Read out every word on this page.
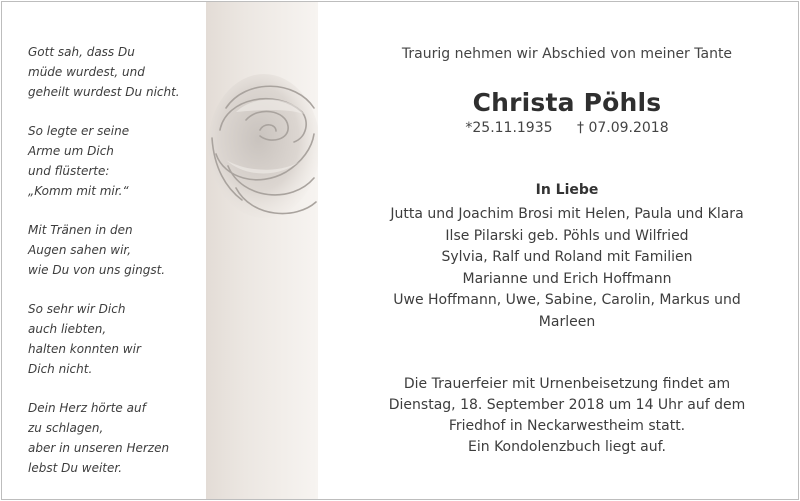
Gott sah, dass Du
müde wurdest, und
geheilt wurdest Du nicht.
So legte er seine
Arme um Dich
und flüsterte:
„Komm mit mir.“
Mit Tränen in den
Augen sahen wir,
wie Du von uns gingst.
So sehr wir Dich
auch liebten,
halten konnten wir
Dich nicht.
Dein Herz hörte auf
zu schlagen,
aber in unseren Herzen
lebst Du weiter.
Traurig nehmen wir Abschied von meiner Tante
Christa Pöhls
*25.11.1935 † 07.09.2018
In Liebe
Jutta und Joachim Brosi mit Helen, Paula und Klara
Ilse Pilarski geb. Pöhls und Wilfried
Sylvia, Ralf und Roland mit Familien
Marianne und Erich Hoffmann
Uwe Hoffmann, Uwe, Sabine, Carolin, Markus und
Marleen
Die Trauerfeier mit Urnenbeisetzung findet am
Dienstag, 18. September 2018 um 14 Uhr auf dem
Friedhof in Neckarwestheim statt.
Ein Kondolenzbuch liegt auf.
